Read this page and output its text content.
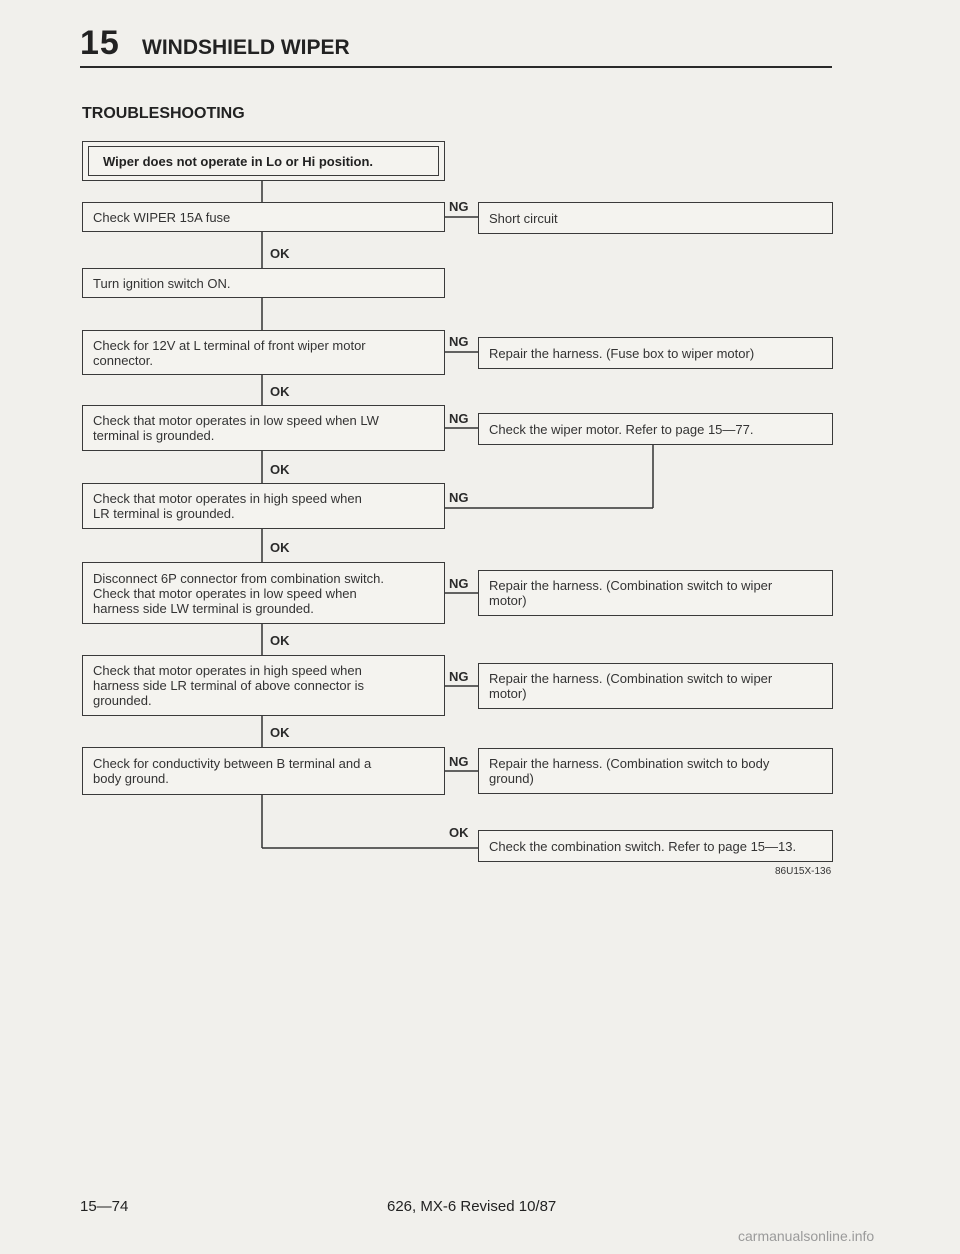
15 WINDSHIELD WIPER
TROUBLESHOOTING
Wiper does not operate in Lo or Hi position.
Check WIPER 15A fuse
Turn ignition switch ON.
Check for 12V at L terminal of front wiper motor
connector.
Check that motor operates in low speed when LW
terminal is grounded.
Check that motor operates in high speed when
LR terminal is grounded.
Disconnect 6P connector from combination switch.
Check that motor operates in low speed when
harness side LW terminal is grounded.
Check that motor operates in high speed when
harness side LR terminal of above connector is
grounded.
Check for conductivity between B terminal and a
body ground.
Short circuit
Repair the harness. (Fuse box to wiper motor)
Check the wiper motor. Refer to page 15—77.
Repair the harness. (Combination switch to wiper
motor)
Repair the harness. (Combination switch to wiper
motor)
Repair the harness. (Combination switch to body
ground)
Check the combination switch. Refer to page 15—13.
OK
OK
OK
OK
OK
OK
OK
NG
NG
NG
NG
NG
NG
NG
86U15X-136
15—74	626, MX-6 Revised 10/87
carmanualsonline.info
